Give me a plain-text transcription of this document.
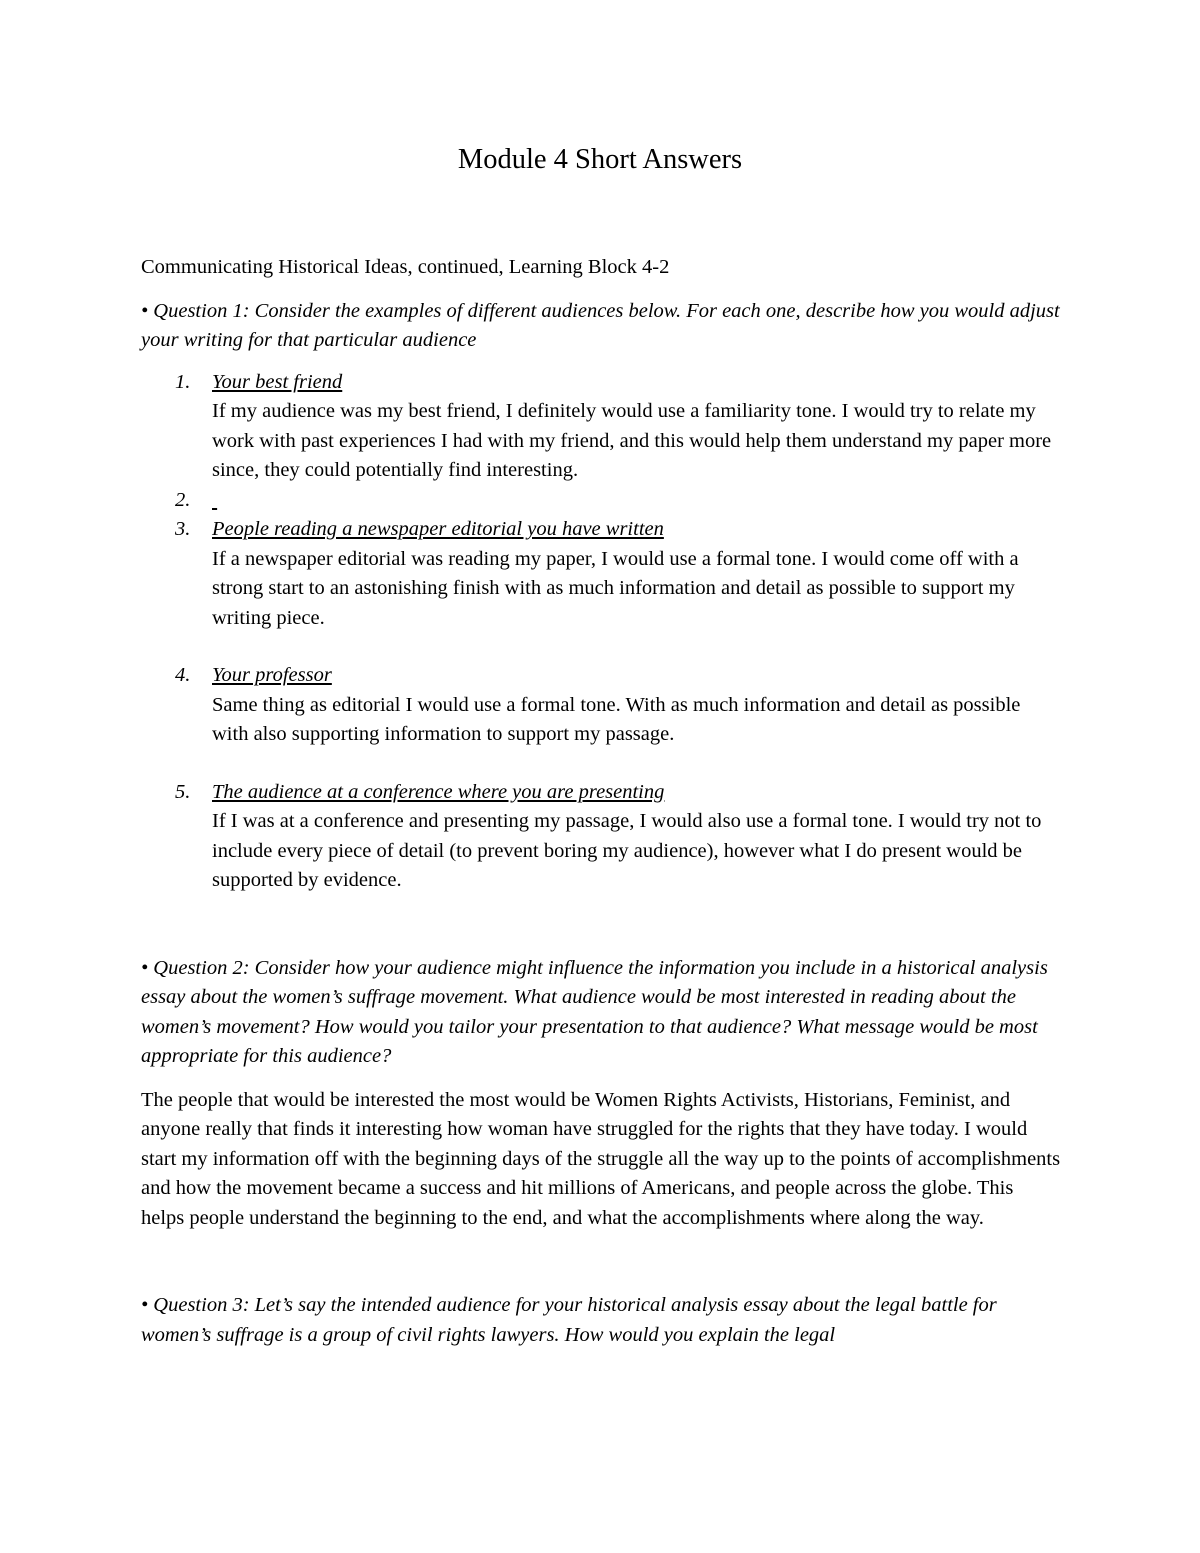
Module 4 Short Answers

Communicating Historical Ideas, continued, Learning Block 4-2

• Question 1: Consider the examples of different audiences below. For each one, describe how you would adjust your writing for that particular audience

1. Your best friend
If my audience was my best friend, I definitely would use a familiarity tone. I would try to relate my work with past experiences I had with my friend, and this would help them understand my paper more since, they could potentially find interesting.
2.

3. People reading a newspaper editorial you have written
If a newspaper editorial was reading my paper, I would use a formal tone. I would come off with a strong start to an astonishing finish with as much information and detail as possible to support my writing piece.
4. Your professor
Same thing as editorial I would use a formal tone. With as much information and detail as possible with also supporting information to support my passage.
5. The audience at a conference where you are presenting
If I was at a conference and presenting my passage, I would also use a formal tone. I would try not to include every piece of detail (to prevent boring my audience), however what I do present would be supported by evidence.

• Question 2: Consider how your audience might influence the information you include in a historical analysis essay about the women’s suffrage movement. What audience would be most interested in reading about the women’s movement? How would you tailor your presentation to that audience? What message would be most appropriate for this audience?

The people that would be interested the most would be Women Rights Activists, Historians, Feminist, and anyone really that finds it interesting how woman have struggled for the rights that they have today. I would start my information off with the beginning days of the struggle all the way up to the points of accomplishments and how the movement became a success and hit millions of Americans, and people across the globe. This helps people understand the beginning to the end, and what the accomplishments where along the way.

• Question 3: Let’s say the intended audience for your historical analysis essay about the legal battle for women’s suffrage is a group of civil rights lawyers. How would you explain the legal
